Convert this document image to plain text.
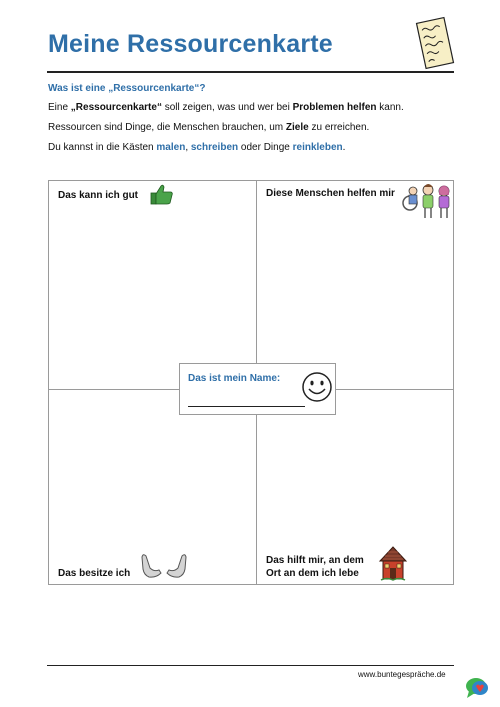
Meine Ressourcenkarte
Was ist eine „Ressourcenkarte“?
Eine „Ressourcenkarte“ soll zeigen, was und wer bei Problemen helfen kann.
Ressourcen sind Dinge, die Menschen brauchen, um Ziele zu erreichen.
Du kannst in die Kästen malen, schreiben oder Dinge reinkleben.
Das kann ich gut	Diese Menschen helfen mir
Das ist mein Name:
Das besitze ich
Das hilft mir, an dem
Ort an dem ich lebe
www.buntegespräche.de
